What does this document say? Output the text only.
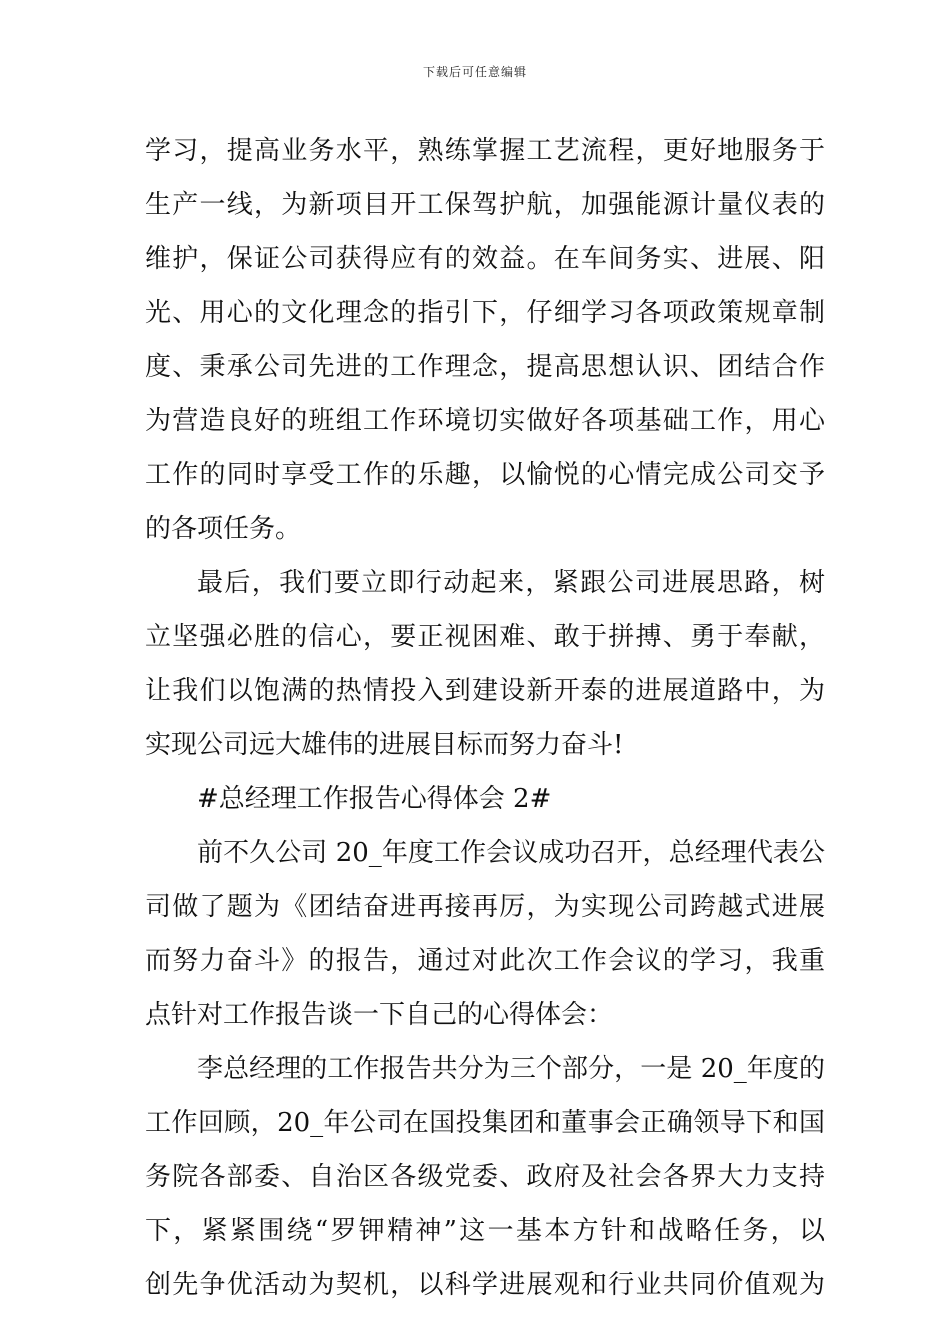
下载后可任意编辑
学习，提高业务水平，熟练掌握工艺流程，更好地服务于
生产一线，为新项目开工保驾护航，加强能源计量仪表的
维护，保证公司获得应有的效益。在车间务实、进展、阳
光、用心的文化理念的指引下，仔细学习各项政策规章制
度、秉承公司先进的工作理念，提高思想认识、团结合作
为营造良好的班组工作环境切实做好各项基础工作，用心
工作的同时享受工作的乐趣，以愉悦的心情完成公司交予
的各项任务。
最后，我们要立即行动起来，紧跟公司进展思路，树
立坚强必胜的信心，要正视困难、敢于拼搏、勇于奉献，
让我们以饱满的热情投入到建设新开泰的进展道路中，为
实现公司远大雄伟的进展目标而努力奋斗!
#总经理工作报告心得体会 2#
前不久公司 20_年度工作会议成功召开，总经理代表公
司做了题为《团结奋进再接再厉，为实现公司跨越式进展
而努力奋斗》的报告，通过对此次工作会议的学习，我重
点针对工作报告谈一下自己的心得体会：
李总经理的工作报告共分为三个部分，一是 20_年度的
工作回顾，20_年公司在国投集团和董事会正确领导下和国
务院各部委、自治区各级党委、政府及社会各界大力支持
下，紧紧围绕“罗钾精神”这一基本方针和战略任务，以
创先争优活动为契机，以科学进展观和行业共同价值观为
